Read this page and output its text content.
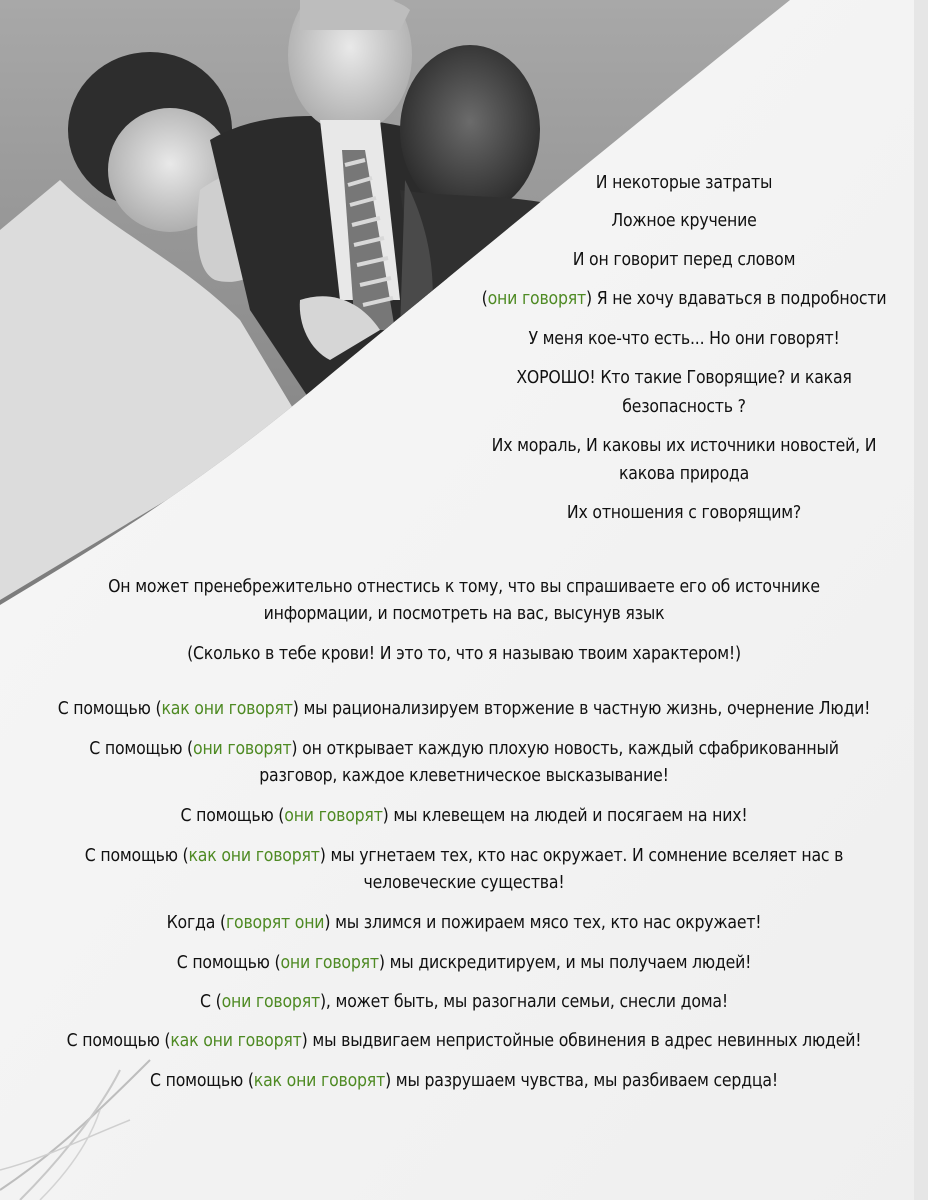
И некоторые затраты

Ложное кручение

И он говорит перед словом

(они говорят) Я не хочу вдаваться в подробности

У меня кое-что есть... Но они говорят!

ХОРОШО! Кто такие Говорящие? и какая

безопасность ?

Их мораль, И каковы их источники новостей, И

какова природа

Их отношения с говорящим?

Он может пренебрежительно отнестись к тому, что вы спрашиваете его об источнике

информации, и посмотреть на вас, высунув язык

(Сколько в тебе крови! И это то, что я называю твоим характером!)

С помощью (как они говорят) мы рационализируем вторжение в частную жизнь, очернение Люди!

С помощью (они говорят) он открывает каждую плохую новость, каждый сфабрикованный

разговор, каждое клеветническое высказывание!

С помощью (они говорят) мы клевещем на людей и посягаем на них!

С помощью (как они говорят) мы угнетаем тех, кто нас окружает. И сомнение вселяет нас в

человеческие существа!

Когда (говорят они) мы злимся и пожираем мясо тех, кто нас окружает!

С помощью (они говорят) мы дискредитируем, и мы получаем людей!

С (они говорят), может быть, мы разогнали семьи, снесли дома!

С помощью (как они говорят) мы выдвигаем непристойные обвинения в адрес невинных людей!

С помощью (как они говорят) мы разрушаем чувства, мы разбиваем сердца!
